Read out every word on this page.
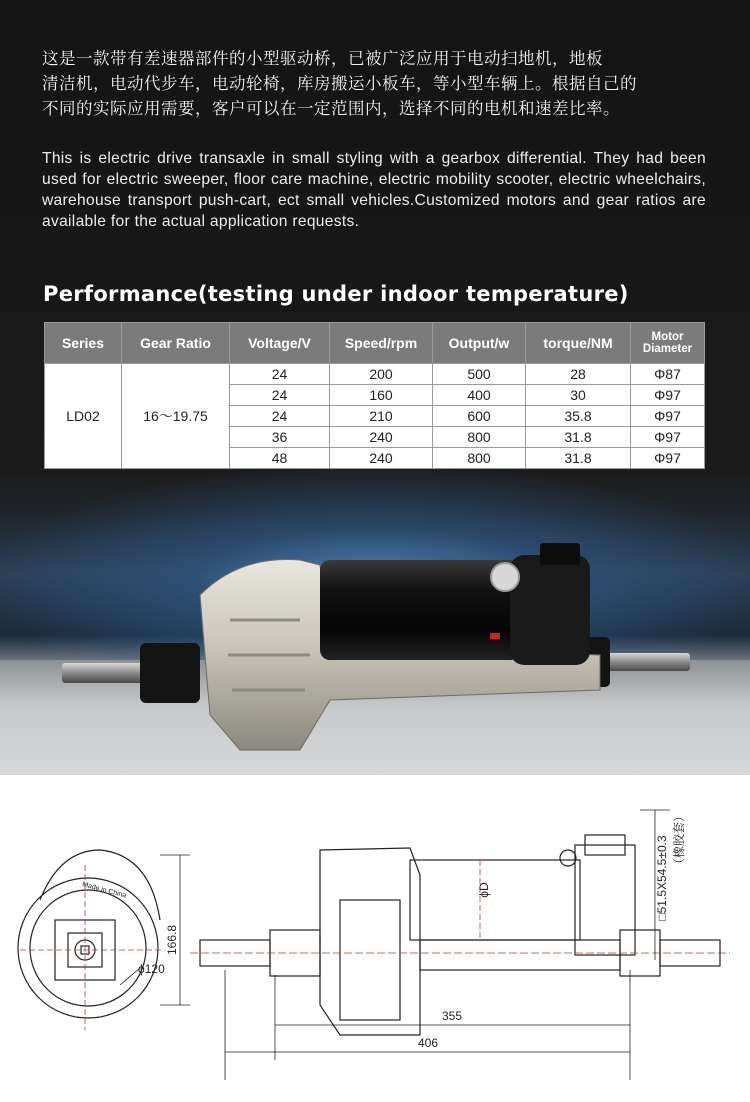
这是一款带有差速器部件的小型驱动桥，已被广泛应用于电动扫地机，地板

清洁机，电动代步车，电动轮椅，库房搬运小板车，等小型车辆上。根据自己的

不同的实际应用需要，客户可以在一定范围内，选择不同的电机和速差比率。

This is electric drive transaxle in small styling with a gearbox differential. They had been used for electric sweeper, floor care machine, electric mobility scooter, electric wheelchairs, warehouse transport push-cart, ect small vehicles.Customized motors and gear ratios are available for the actual application requests.
Performance(testing under indoor temperature)
Series	Gear Ratio	Voltage/V	Speed/rpm	Output/w	torque/NM	Motor Diameter
LD02	16～19.75	24	200	500	28	Φ87
		24	160	400	30	Φ97
		24	210	600	35.8	Φ97
		36	240	800	31.8	Φ97
		48	240	800	31.8	Φ97
166.8
ϕ120
Made in China	ϕD
355
406
□51.5X54.5±0.3 （橡胶套）
